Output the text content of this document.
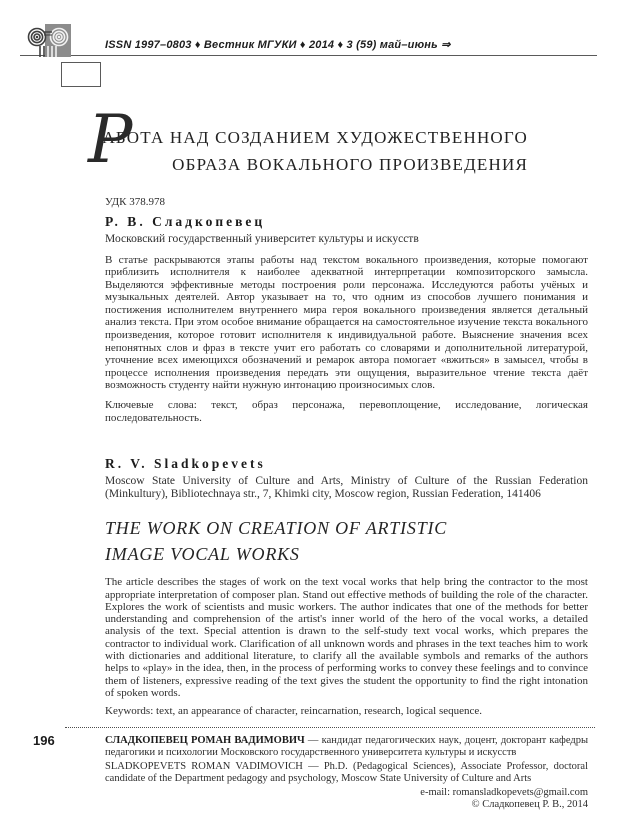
ISSN 1997–0803 ♦ Вестник МГУКИ ♦ 2014 ♦ 3 (59) май–июнь ⇒
Р
АБОТА НАД СОЗДАНИЕМ ХУДОЖЕСТВЕННОГО
ОБРАЗА ВОКАЛЬНОГО ПРОИЗВЕДЕНИЯ

УДК 378.978

Р. В. Сладкопевец

Московский государственный университет культуры и искусств

В статье раскрываются этапы работы над текстом вокального произведения, которые помогают приблизить исполнителя к наиболее адекватной интерпретации композиторского замысла. Выделяются эффективные методы построения роли персонажа. Исследуются работы учёных и музыкальных деятелей. Автор указывает на то, что одним из способов лучшего понимания и постижения исполнителем внутреннего мира героя вокального произведения является детальный анализ текста. При этом особое внимание обращается на самостоятельное изучение текста вокального произведения, которое готовит исполнителя к индивидуальной работе. Выяснение значения всех непонятных слов и фраз в тексте учит его работать со словарями и дополнительной литературой, уточнение всех имеющихся обозначений и ремарок автора помогает «вжиться» в замысел, чтобы в процессе исполнения произведения передать эти ощущения, выразительное чтение текста даёт возможность студенту найти нужную интонацию произносимых слов.

Ключевые слова: текст, образ персонажа, перевоплощение, исследование, логическая последовательность.

R. V. Sladkopevets

Moscow State University of Culture and Arts, Ministry of Culture of the Russian Federation (Minkultury), Bibliotechnaya str., 7, Khimki city, Moscow region, Russian Federation, 141406

THE WORK ON CREATION OF ARTISTIC
IMAGE VOCAL WORKS

The article describes the stages of work on the text vocal works that help bring the contractor to the most appropriate interpretation of composer plan. Stand out effective methods of building the role of the character. Explores the work of scientists and music workers. The author indicates that one of the methods for better understanding and comprehension of the artist's inner world of the hero of the vocal works, a detailed analysis of the text. Special attention is drawn to the self-study text vocal works, which prepares the contractor to individual work. Clarification of all unknown words and phrases in the text teaches him to work with dictionaries and additional literature, to clarify all the available symbols and remarks of the authors helps to «play» in the idea, then, in the process of performing works to convey these feelings and to convince them of listeners, expressive reading of the text gives the student the opportunity to find the right intonation of spoken words.

Keywords: text, an appearance of character, reincarnation, research, logical sequence.

СЛАДКОПЕВЕЦ РОМАН ВАДИМОВИЧ — кандидат педагогических наук, доцент, докторант кафедры педагогики и психологии Московского государственного университета культуры и искусств

SLADKOPEVETS ROMAN VADIMOVICH — Ph.D. (Pedagogical Sciences), Associate Professor, doctoral candidate of the Department pedagogy and psychology, Moscow State University of Culture and Arts

e-mail: romansladkopevets@gmail.com

© Сладкопевец Р. В., 2014

196
